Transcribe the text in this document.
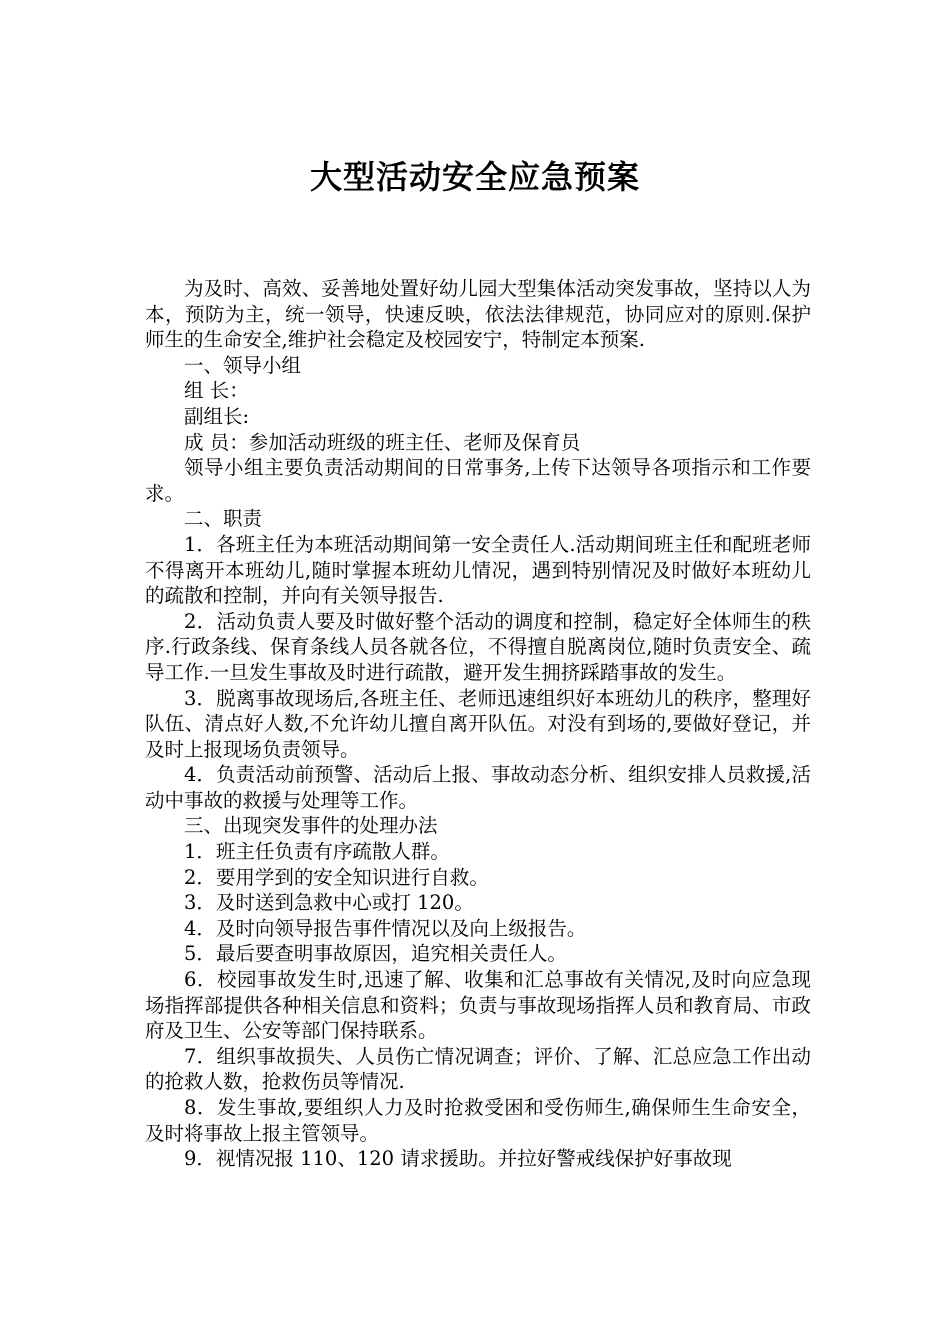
大型活动安全应急预案

为及时、高效、妥善地处置好幼儿园大型集体活动突发事故，坚持以人为本，预防为主，统一领导，快速反映，依法法律规范，协同应对的原则.保护师生的生命安全,维护社会稳定及校园安宁，特制定本预案.

一、领导小组

组 长：

副组长:

成 员：参加活动班级的班主任、老师及保育员

领导小组主要负责活动期间的日常事务,上传下达领导各项指示和工作要求。

二、职责

1．各班主任为本班活动期间第一安全责任人.活动期间班主任和配班老师不得离开本班幼儿,随时掌握本班幼儿情况，遇到特别情况及时做好本班幼儿的疏散和控制，并向有关领导报告.

2．活动负责人要及时做好整个活动的调度和控制，稳定好全体师生的秩序.行政条线、保育条线人员各就各位，不得擅自脱离岗位,随时负责安全、疏导工作.一旦发生事故及时进行疏散，避开发生拥挤踩踏事故的发生。

3．脱离事故现场后,各班主任、老师迅速组织好本班幼儿的秩序，整理好队伍、清点好人数,不允许幼儿擅自离开队伍。对没有到场的,要做好登记，并及时上报现场负责领导。

4．负责活动前预警、活动后上报、事故动态分析、组织安排人员救援,活动中事故的救援与处理等工作。

三、出现突发事件的处理办法

1．班主任负责有序疏散人群。

2．要用学到的安全知识进行自救。

3．及时送到急救中心或打 120。

4．及时向领导报告事件情况以及向上级报告。

5．最后要查明事故原因，追究相关责任人。

6．校园事故发生时,迅速了解、收集和汇总事故有关情况,及时向应急现场指挥部提供各种相关信息和资料；负责与事故现场指挥人员和教育局、市政府及卫生、公安等部门保持联系。

7．组织事故损失、人员伤亡情况调查；评价、了解、汇总应急工作出动的抢救人数，抢救伤员等情况.

8．发生事故,要组织人力及时抢救受困和受伤师生,确保师生生命安全，及时将事故上报主管领导。

9．视情况报 110、120 请求援助。并拉好警戒线保护好事故现
